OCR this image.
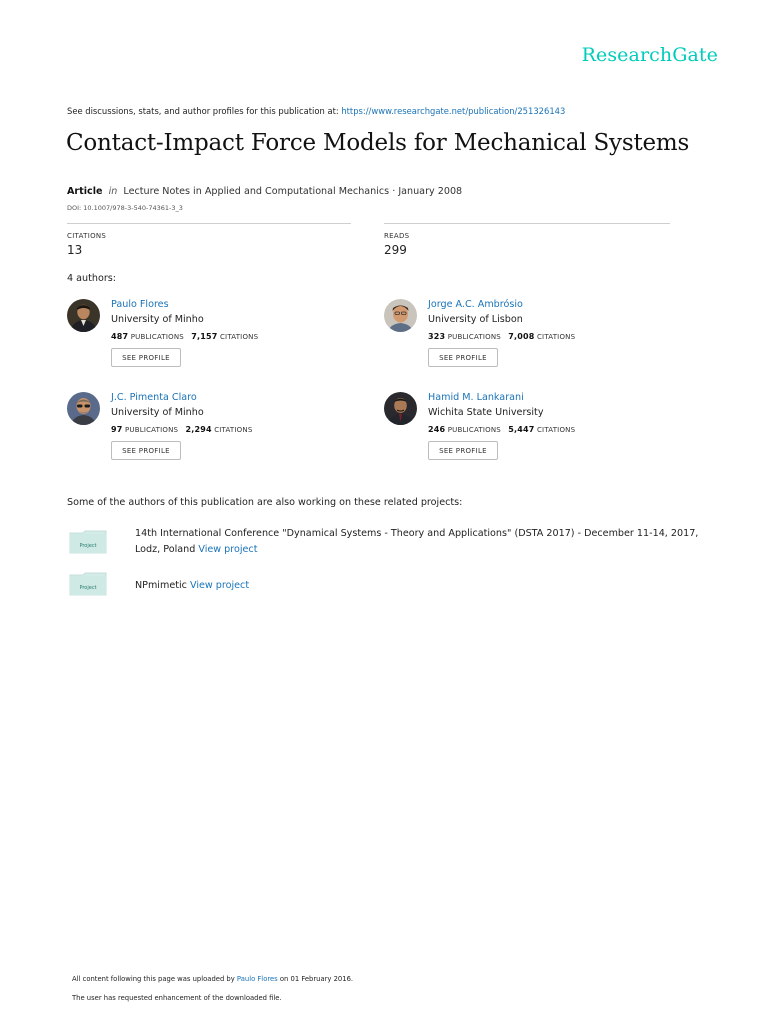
ResearchGate
See discussions, stats, and author profiles for this publication at: https://www.researchgate.net/publication/251326143
Contact-Impact Force Models for Mechanical Systems
Article in Lecture Notes in Applied and Computational Mechanics · January 2008
DOI: 10.1007/978-3-540-74361-3_3
CITATIONS
13
READS
299
4 authors:
Paulo Flores
University of Minho
487 PUBLICATIONS 7,157 CITATIONS
SEE PROFILE
Jorge A.C. Ambrósio
University of Lisbon
323 PUBLICATIONS 7,008 CITATIONS
SEE PROFILE
J.C. Pimenta Claro
University of Minho
97 PUBLICATIONS 2,294 CITATIONS
SEE PROFILE
Hamid M. Lankarani
Wichita State University
246 PUBLICATIONS 5,447 CITATIONS
SEE PROFILE
Some of the authors of this publication are also working on these related projects:
Project
14th International Conference "Dynamical Systems - Theory and Applications" (DSTA 2017) - December 11-14, 2017, Lodz, Poland View project
Project	NPmimetic View project
All content following this page was uploaded by Paulo Flores on 01 February 2016.
The user has requested enhancement of the downloaded file.
